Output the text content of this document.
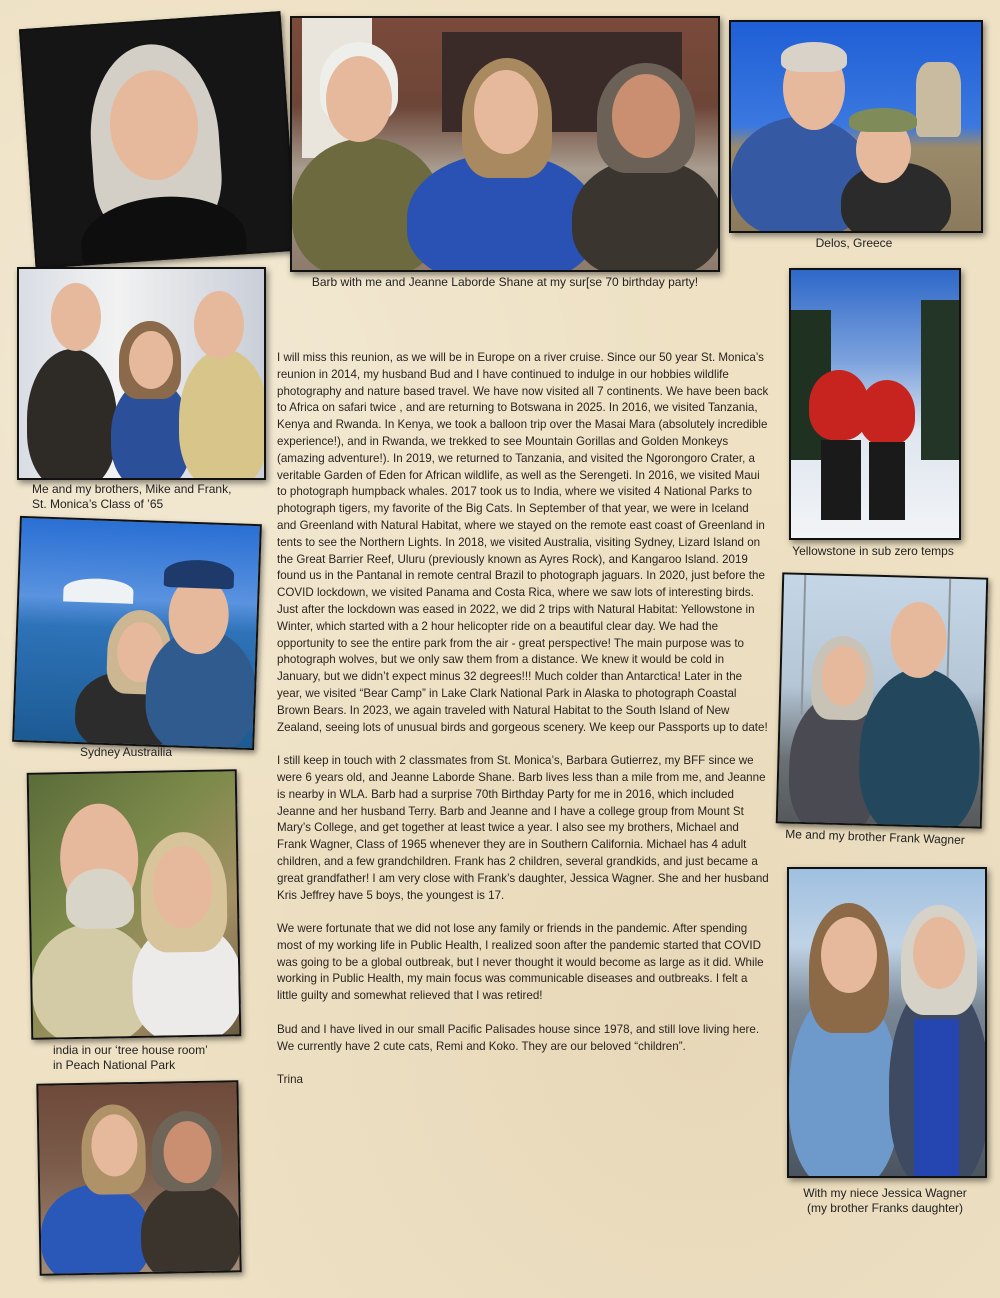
Barb with me and Jeanne Laborde Shane at my sur[se 70 birthday party!
Delos, Greece
Me and my brothers, Mike and Frank,
St. Monica’s Class of ’65
Yellowstone in sub zero temps
Sydney Austrailia
Me and my brother Frank Wagner
india in our ‘tree house room’
in Peach National Park
With my niece Jessica Wagner
(my brother Franks daughter)

I will miss this reunion, as we will be in Europe on a river cruise. Since our 50 year St. Monica’s reunion in 2014, my husband Bud and I have continued to indulge in our hobbies wildlife photography and nature based travel. We have now visited all 7 continents. We have been back to Africa on safari twice , and are returning to Botswana in 2025. In 2016, we visited Tanzania, Kenya and Rwanda. In Kenya, we took a balloon trip over the Masai Mara (absolutely incredible experience!), and in Rwanda, we trekked to see Mountain Gorillas and Golden Monkeys (amazing adventure!). In 2019, we returned to Tanzania, and visited the Ngorongoro Crater, a veritable Garden of Eden for African wildlife, as well as the Serengeti. In 2016, we visited Maui to photograph humpback whales. 2017 took us to India, where we visited 4 National Parks to photograph tigers, my favorite of the Big Cats. In September of that year, we were in Iceland and Greenland with Natural Habitat, where we stayed on the remote east coast of Greenland in tents to see the Northern Lights. In 2018, we visited Australia, visiting Sydney, Lizard Island on the Great Barrier Reef, Uluru (previously known as Ayres Rock), and Kangaroo Island. 2019 found us in the Pantanal in remote central Brazil to photograph jaguars. In 2020, just before the COVID lockdown, we visited Panama and Costa Rica, where we saw lots of interesting birds. Just after the lockdown was eased in 2022, we did 2 trips with Natural Habitat: Yellowstone in Winter, which started with a 2 hour helicopter ride on a beautiful clear day. We had the opportunity to see the entire park from the air - great perspective! The main purpose was to photograph wolves, but we only saw them from a distance. We knew it would be cold in January, but we didn’t expect minus 32 degrees!!! Much colder than Antarctica! Later in the year, we visited “Bear Camp” in Lake Clark National Park in Alaska to photograph Coastal Brown Bears. In 2023, we again traveled with Natural Habitat to the South Island of New Zealand, seeing lots of unusual birds and gorgeous scenery. We keep our Passports up to date!

I still keep in touch with 2 classmates from St. Monica’s, Barbara Gutierrez, my BFF since we were 6 years old, and Jeanne Laborde Shane. Barb lives less than a mile from me, and Jeanne is nearby in WLA. Barb had a surprise 70th Birthday Party for me in 2016, which included Jeanne and her husband Terry. Barb and Jeanne and I have a college group from Mount St Mary’s College, and get together at least twice a year. I also see my brothers, Michael and Frank Wagner, Class of 1965 whenever they are in Southern California. Michael has 4 adult children, and a few grandchildren. Frank has 2 children, several grandkids, and just became a great grandfather! I am very close with Frank’s daughter, Jessica Wagner. She and her husband Kris Jeffrey have 5 boys, the youngest is 17.

We were fortunate that we did not lose any family or friends in the pandemic. After spending most of my working life in Public Health, I realized soon after the pandemic started that COVID was going to be a global outbreak, but I never thought it would become as large as it did. While working in Public Health, my main focus was communicable diseases and outbreaks. I felt a little guilty and somewhat relieved that I was retired!

Bud and I have lived in our small Pacific Palisades house since 1978, and still love living here. We currently have 2 cute cats, Remi and Koko. They are our beloved “children”.

Trina
